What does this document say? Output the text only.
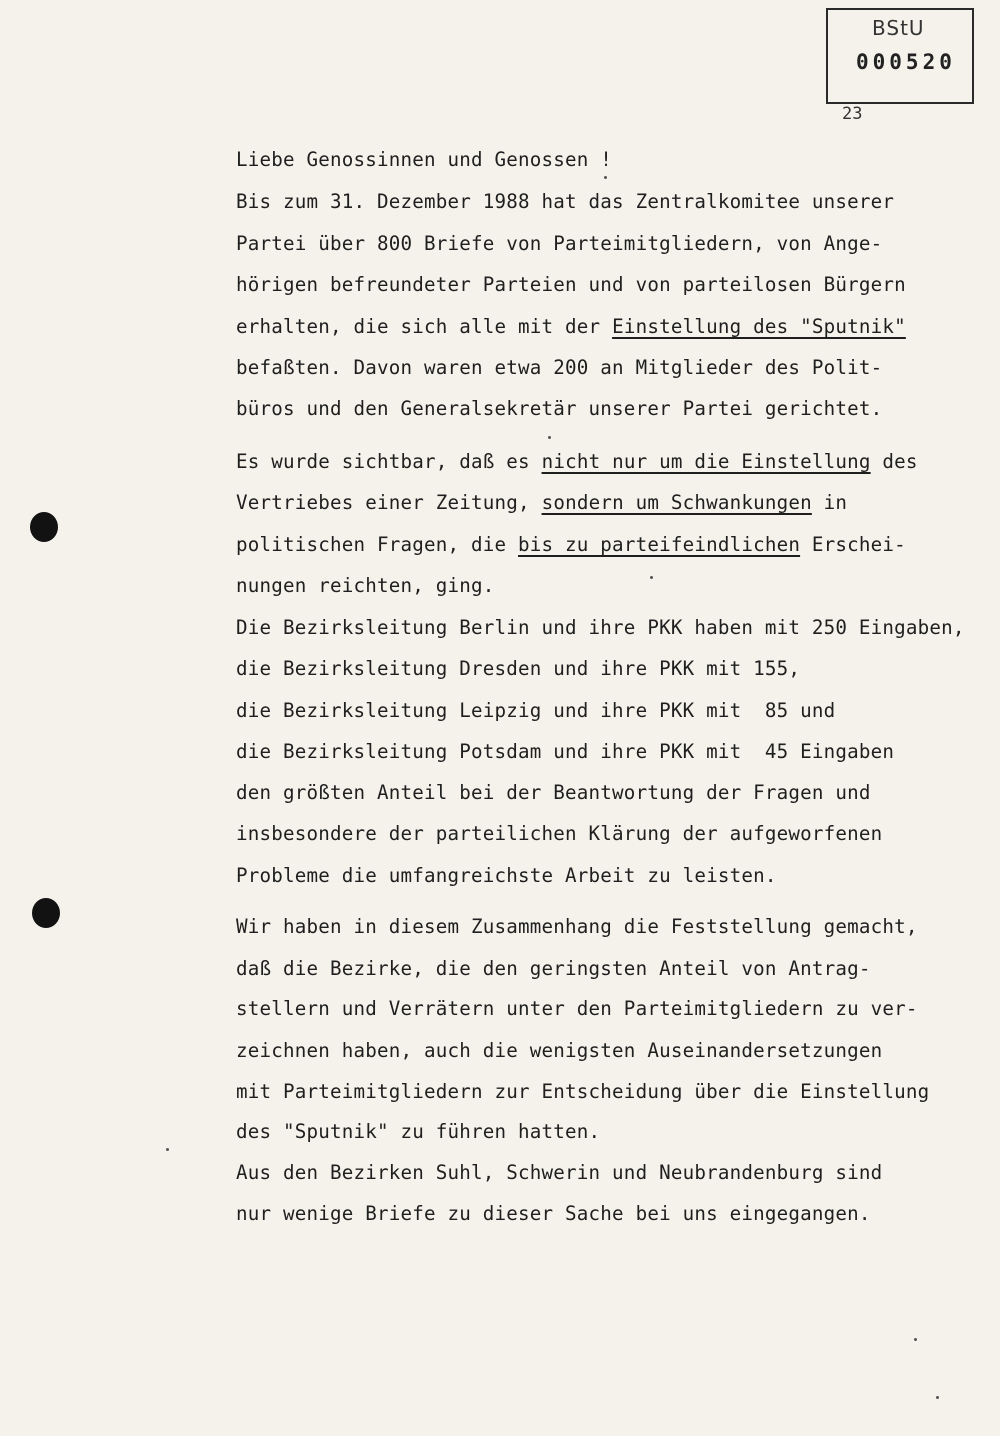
BStU
000520
23
Liebe Genossinnen und Genossen !
Bis zum 31. Dezember 1988 hat das Zentralkomitee unserer
Partei über 800 Briefe von Parteimitgliedern, von Ange-
hörigen befreundeter Parteien und von parteilosen Bürgern
erhalten, die sich alle mit der Einstellung des "Sputnik"
befaßten. Davon waren etwa 200 an Mitglieder des Polit-
büros und den Generalsekretär unserer Partei gerichtet.
Es wurde sichtbar, daß es nicht nur um die Einstellung des
Vertriebes einer Zeitung, sondern um Schwankungen in
politischen Fragen, die bis zu parteifeindlichen Erschei-
nungen reichten, ging.
Die Bezirksleitung Berlin und ihre PKK haben mit 250 Eingaben,
die Bezirksleitung Dresden und ihre PKK mit 155,
die Bezirksleitung Leipzig und ihre PKK mit  85 und
die Bezirksleitung Potsdam und ihre PKK mit  45 Eingaben
den größten Anteil bei der Beantwortung der Fragen und
insbesondere der parteilichen Klärung der aufgeworfenen
Probleme die umfangreichste Arbeit zu leisten.
Wir haben in diesem Zusammenhang die Feststellung gemacht,
daß die Bezirke, die den geringsten Anteil von Antrag-
stellern und Verrätern unter den Parteimitgliedern zu ver-
zeichnen haben, auch die wenigsten Auseinandersetzungen
mit Parteimitgliedern zur Entscheidung über die Einstellung
des "Sputnik" zu führen hatten.
Aus den Bezirken Suhl, Schwerin und Neubrandenburg sind
nur wenige Briefe zu dieser Sache bei uns eingegangen.
